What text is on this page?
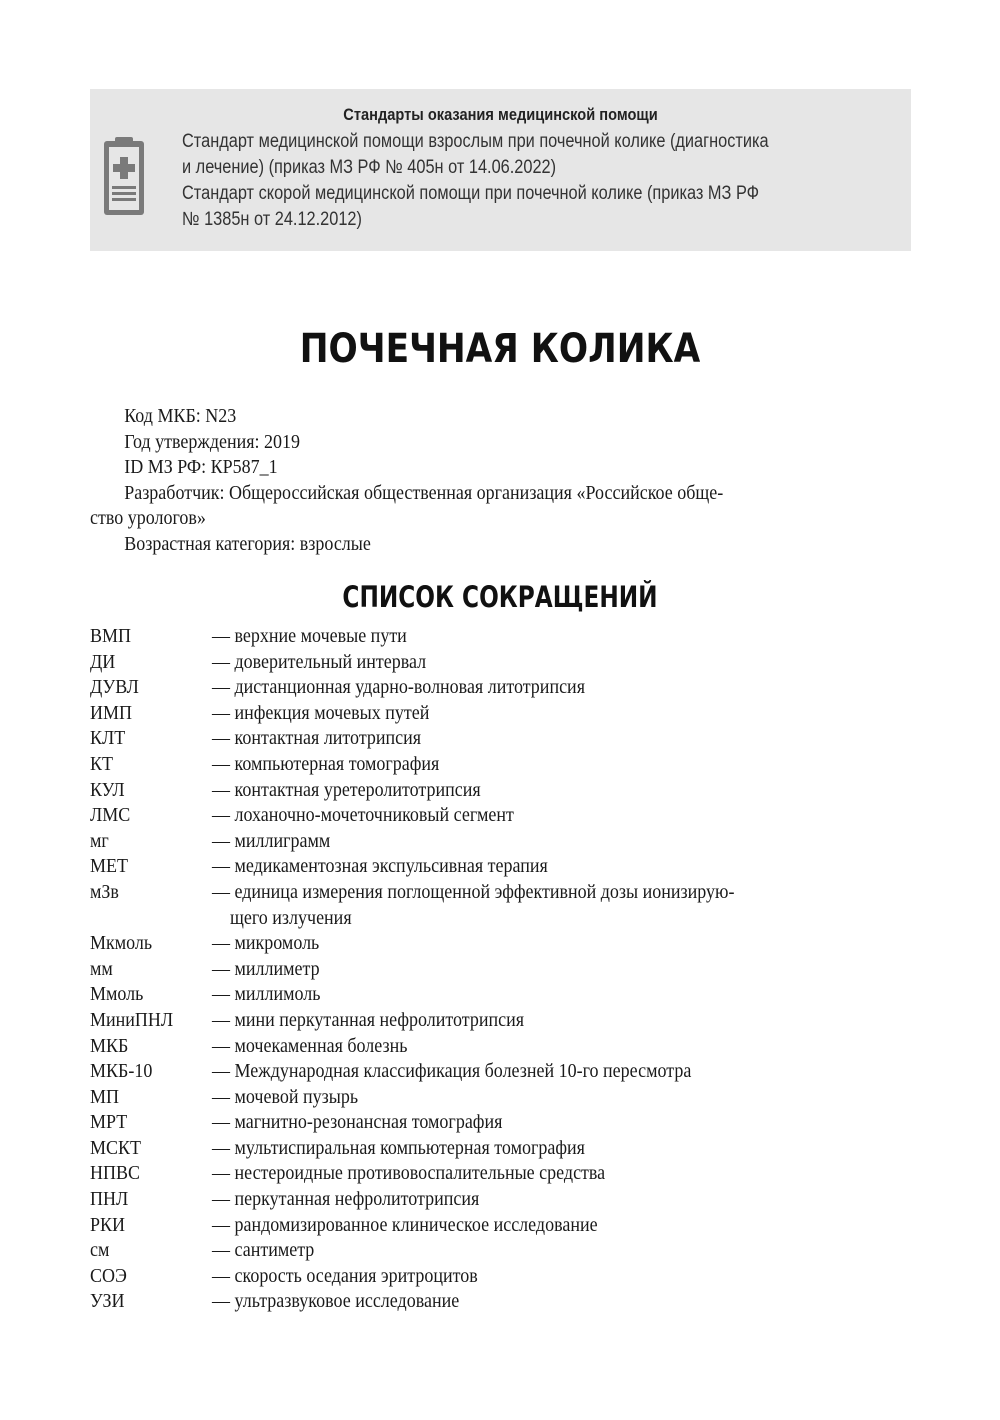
Стандарты оказания медицинской помощи
Стандарт медицинской помощи взрослым при почечной колике (диагностика
и лечение) (приказ МЗ РФ № 405н от 14.06.2022)
Стандарт скорой медицинской помощи при почечной колике (приказ МЗ РФ
№ 1385н от 24.12.2012)
ПОЧЕЧНАЯ КОЛИКА
Код МКБ: N23
Год утверждения: 2019
ID МЗ РФ: КР587_1
Разработчик: Общероссийская общественная организация «Российское обще-
ство урологов»
Возрастная категория: взрослые
СПИСОК СОКРАЩЕНИЙ
ВМП	— верхние мочевые пути
ДИ	— доверительный интервал
ДУВЛ	— дистанционная ударно-волновая литотрипсия
ИМП	— инфекция мочевых путей
КЛТ	— контактная литотрипсия
КТ	— компьютерная томография
КУЛ	— контактная уретеролитотрипсия
ЛМС	— лоханочно-мочеточниковый сегмент
мг	— миллиграмм
МЕТ	— медикаментозная экспульсивная терапия
мЗв	— единица измерения поглощенной эффективной дозы ионизирую-
щего излучения
Мкмоль	— микромоль
мм	— миллиметр
Ммоль	— миллимоль
МиниПНЛ — мини перкутанная нефролитотрипсия
МКБ	— мочекаменная болезнь
МКБ-10	— Международная классификация болезней 10-го пересмотра
МП	— мочевой пузырь
МРТ	— магнитно-резонансная томография
МСКТ	— мультиспиральная компьютерная томография
НПВС	— нестероидные противовоспалительные средства
ПНЛ	— перкутанная нефролитотрипсия
РКИ	— рандомизированное клиническое исследование
см	— сантиметр
СОЭ	— скорость оседания эритроцитов
УЗИ	— ультразвуковое исследование
